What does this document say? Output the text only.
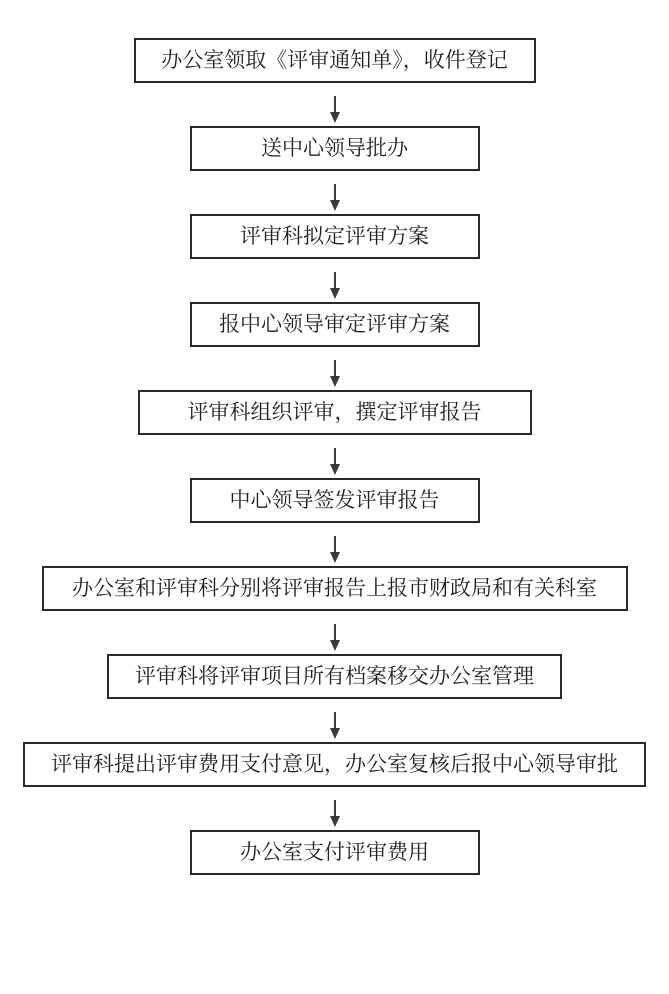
办公室领取《评审通知单》，收件登记
送中心领导批办
评审科拟定评审方案
报中心领导审定评审方案
评审科组织评审，撰定评审报告
中心领导签发评审报告
办公室和评审科分别将评审报告上报市财政局和有关科室
评审科将评审项目所有档案移交办公室管理
评审科提出评审费用支付意见，办公室复核后报中心领导审批
办公室支付评审费用
